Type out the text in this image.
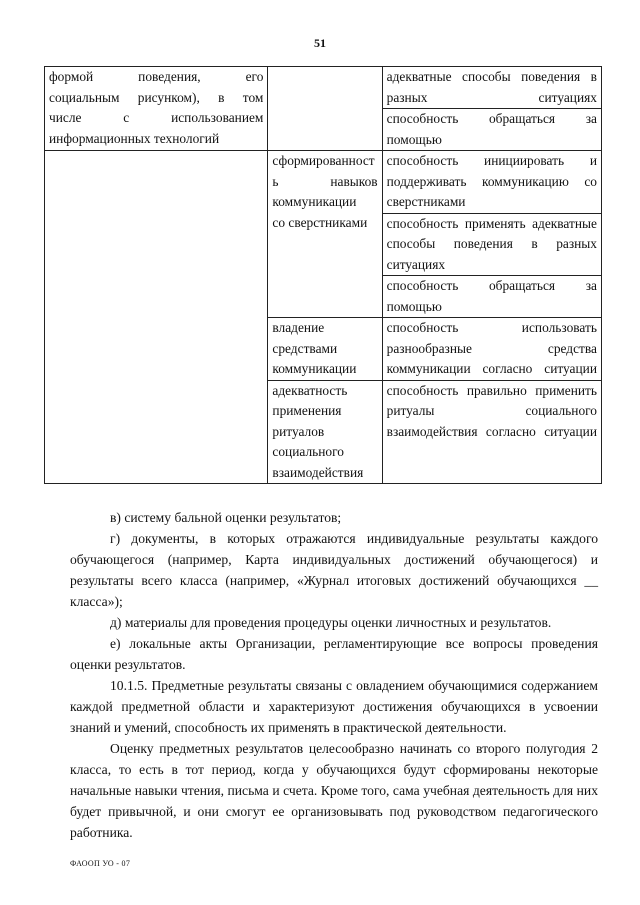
51
формой поведения, его
социальным рисунком), в том
числе с использованием
информационных технологий		адекватные способы поведения в разных ситуациях
		способность обращаться за помощью

	сформированност
ь навыков
коммуникации
со сверстниками	способность инициировать и поддерживать коммуникацию со сверстниками
		способность применять адекватные способы поведения в разных ситуациях
		способность обращаться за помощью

	владение
средствами
коммуникации	способность использовать разнообразные средства коммуникации согласно ситуации

	адекватность
применения
ритуалов
социального
взаимодействия	способность правильно применить ритуалы социального взаимодействия согласно ситуации

в) систему бальной оценки результатов;

г) документы, в которых отражаются индивидуальные результаты каждого обучающегося (например, Карта индивидуальных достижений обучающегося) и результаты всего класса (например, «Журнал итоговых достижений обучающихся __ класса»);

д) материалы для проведения процедуры оценки личностных и результатов.

е) локальные акты Организации, регламентирующие все вопросы проведения оценки результатов.

10.1.5. Предметные результаты связаны с овладением обучающимися содержанием каждой предметной области и характеризуют достижения обучающихся в усвоении знаний и умений, способность их применять в практической деятельности.

Оценку предметных результатов целесообразно начинать со второго полугодия 2 класса, то есть в тот период, когда у обучающихся будут сформированы некоторые начальные навыки чтения, письма и счета. Кроме того, сама учебная деятельность для них будет привычной, и они смогут ее организовывать под руководством педагогического работника.

ФАООП УО - 07
